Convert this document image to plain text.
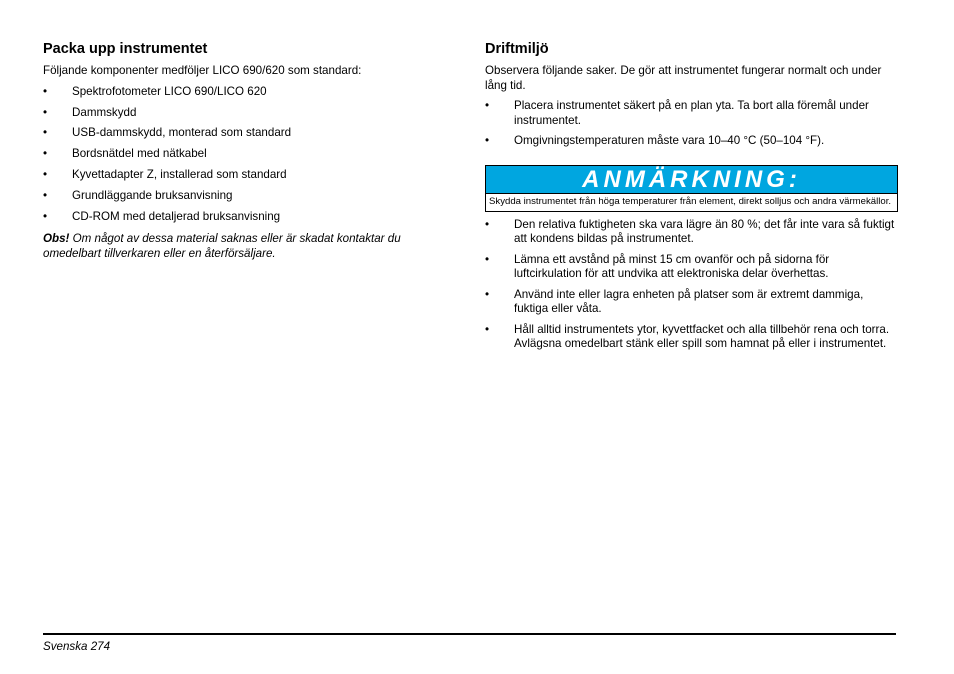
Packa upp instrumentet

Följande komponenter medföljer LICO 690/620 som standard:

• Spektrofotometer LICO 690/LICO 620
• Dammskydd
• USB-dammskydd, monterad som standard
• Bordsnätdel med nätkabel
• Kyvettadapter Z, installerad som standard
• Grundläggande bruksanvisning
• CD-ROM med detaljerad bruksanvisning

Obs! Om något av dessa material saknas eller är skadat kontaktar du omedelbart tillverkaren eller en återförsäljare.

Driftmiljö

Observera följande saker. De gör att instrumentet fungerar normalt och under lång tid.

• Placera instrumentet säkert på en plan yta. Ta bort alla föremål under instrumentet.
• Omgivningstemperaturen måste vara 10–40 °C (50–104 °F).
ANMÄRKNING:
Skydda instrumentet från höga temperaturer från element, direkt solljus och andra värmekällor.
• Den relativa fuktigheten ska vara lägre än 80 %; det får inte vara så fuktigt att kondens bildas på instrumentet.
• Lämna ett avstånd på minst 15 cm ovanför och på sidorna för luftcirkulation för att undvika att elektroniska delar överhettas.
• Använd inte eller lagra enheten på platser som är extremt dammiga, fuktiga eller våta.
• Håll alltid instrumentets ytor, kyvettfacket och alla tillbehör rena och torra. Avlägsna omedelbart stänk eller spill som hamnat på eller i instrumentet.
Svenska 274
